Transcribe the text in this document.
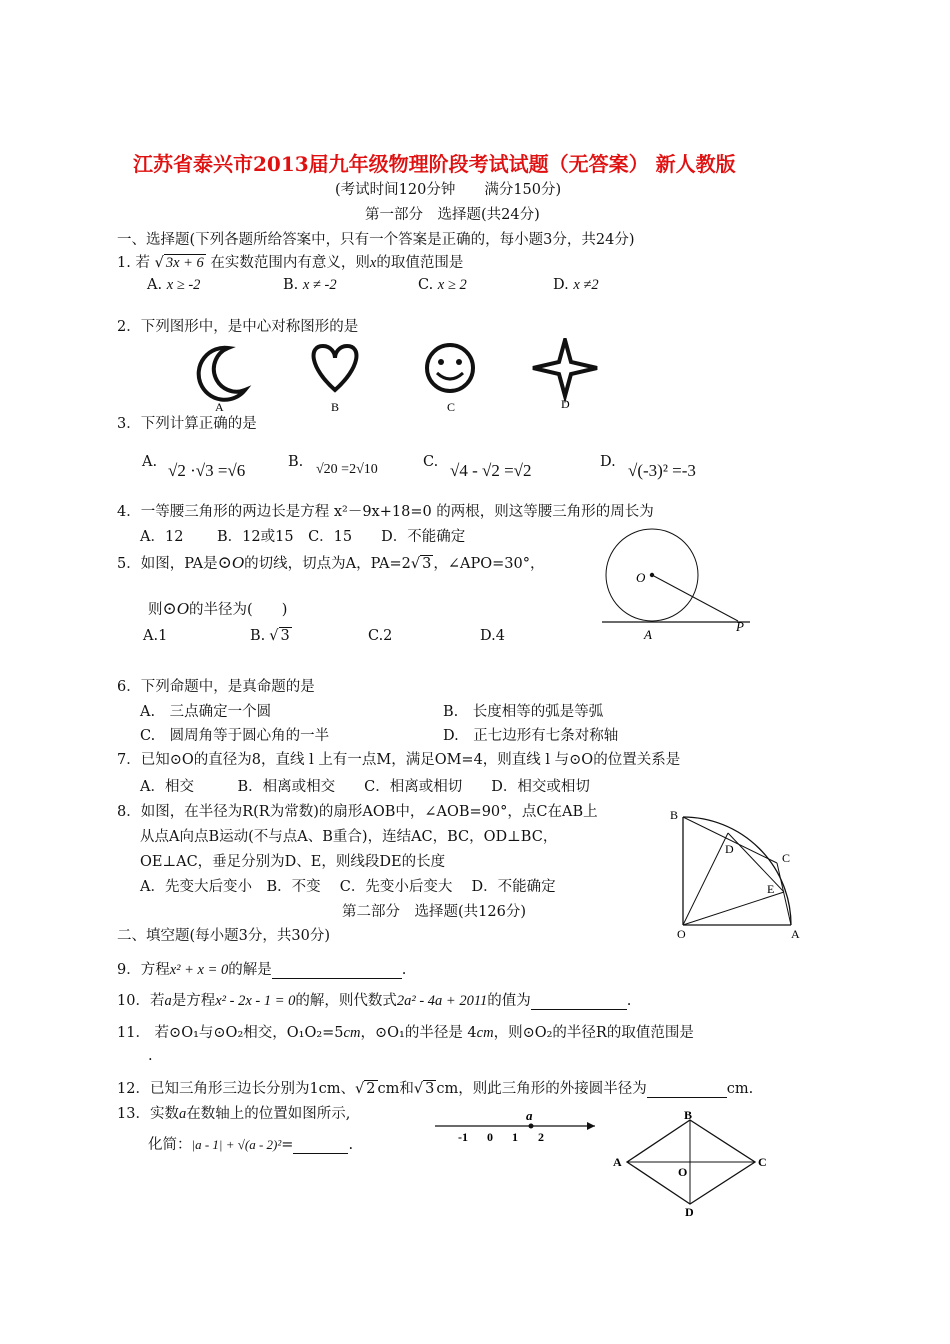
江苏省泰兴市2013届九年级物理阶段考试试题（无答案） 新人教版
(考试时间120分钟　　满分150分)
第一部分　选择题(共24分)
一、选择题(下列各题所给答案中，只有一个答案是正确的，每小题3分，共24分)
1. 若 √ 3x + 6 在实数范围内有意义，则x的取值范围是
A. x ≥ -2	B. x ≠ -2	C. x ≥ 2	D. x ≠2
2．下列图形中，是中心对称图形的是
A	B	C	D
3．下列计算正确的是
A. √2 ·√3 =√6	B. √20 =2√10	C. √4 - √2 =√2	D. √(-3)² =-3
4．一等腰三角形的两边长是方程 x²－9x+18=0 的两根，则这等腰三角形的周长为
A．12　　 B．12或15　C．15　　D．不能确定
5．如图，PA是⊙O的切线，切点为A，PA=2√ 3 ，∠APO=30°，
则⊙O的半径为(　　)
A.1	B. √ 3	C.2	D.4
O
A
P
6．下列命题中，是真命题的是
A.　三点确定一个圆	B.　长度相等的弧是等弧
C.　圆周角等于圆心角的一半	D.　正七边形有七条对称轴
7．已知⊙O的直径为8，直线 l 上有一点M，满足OM=4，则直线 l 与⊙O的位置关系是
A．相交　　　B．相离或相交　　C．相离或相切　　D．相交或相切
8．如图，在半径为R(R为常数)的扇形AOB中，∠AOB=90°，点C在AB上
从点A向点B运动(不与点A、B重合)，连结AC，BC，OD⊥BC，
OE⊥AC，垂足分别为D、E，则线段DE的长度
A．先变大后变小　B．不变　 C．先变小后变大　 D．不能确定
B
D
C
E
O	A
第二部分　选择题(共126分)
二、填空题(每小题3分，共30分)
9．方程x² + x = 0的解是	.
10．若a是方程x² - 2x - 1 = 0的解，则代数式2a² - 4a + 2011的值为	.
11． 若⊙O₁与⊙O₂相交，O₁O₂=5cm，⊙O₁的半径是 4cm，则⊙O₂的半径R的取值范围是
.
12．已知三角形三边长分别为1cm、√ 2 cm和√ 3 cm，则此三角形的外接圆半径为	cm.
13．实数a在数轴上的位置如图所示,
化简：|a - 1| + √(a - 2)²=	.
a
-1 0 1 2
B
A
O
C
D
